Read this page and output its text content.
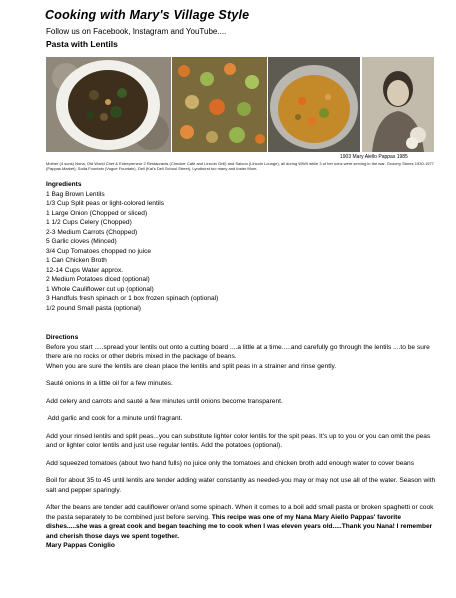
Cooking with Mary's Village Style
Follow us on Facebook, Instagram and YouTube....
Pasta with Lentils
1903 Mary Aiello Pappas 1985
Mother (4 sons) Nona, Old World Chef & Entrepreneur 2 Restaurants (Checker Café and Lincoln Grill) and Saloon (Lincoln Lounge), all during WWII while 3 of her sons were serving in the war. Grocery Stores 1930-1977 (Pappas Market), Soda Fountain (Vogue Fountain), Deli (Kal's Deli School Street), Lyndhurst too many and foster Mom.
Ingredients
1 Bag Brown Lentils
1/3 Cup Split peas or light-colored lentils
1 Large Onion (Chopped or sliced)
1 1/2 Cups Celery (Chopped)
2-3 Medium Carrots (Chopped)
5 Garlic cloves (Minced)
3/4 Cup Tomatoes chopped no juice
1 Can Chicken Broth
12-14 Cups Water approx.
2 Medium Potatoes diced (optional)
1 Whole Cauliflower cut up (optional)
3 Handfuls fresh spinach or 1 box frozen spinach (optional)
1/2 pound Small pasta (optional)
Directions

Before you start .....spread your lentils out onto a cutting board ....a little at a time.....and carefully go through the lentils ....to be sure there are no rocks or other debris mixed in the package of beans.

When you are sure the lentils are clean place the lentils and split peas in a strainer and rinse gently.

Sauté onions in a little oil for a few minutes.

Add celery and carrots and sauté a few minutes until onions become transparent.

Add garlic and cook for a minute until fragrant.

Add your rinsed lentils and split peas...you can substitute lighter color lentils for the spit peas. It's up to you or you can omit the peas and or lighter color lentils and just use regular lentils. Add the potatoes (optional).

Add squeezed tomatoes (about two hand fulls) no juice only the tomatoes and chicken broth add enough water to cover beans

Boil for about 35 to 45 until lentils are tender adding water constantly as needed-you may or may not use all of the water. Season with salt and pepper sparingly.

After the beans are tender add cauliflower or/and some spinach. When it comes to a boil add small pasta or broken spaghetti or cook the pasta separately to be combined just before serving. This recipe was one of my Nana Mary Aiello Pappas' favorite dishes.....she was a great cook and began teaching me to cook when I was eleven years old.....Thank you Nana! I remember and cherish those days we spent together.

Mary Pappas Coniglio
